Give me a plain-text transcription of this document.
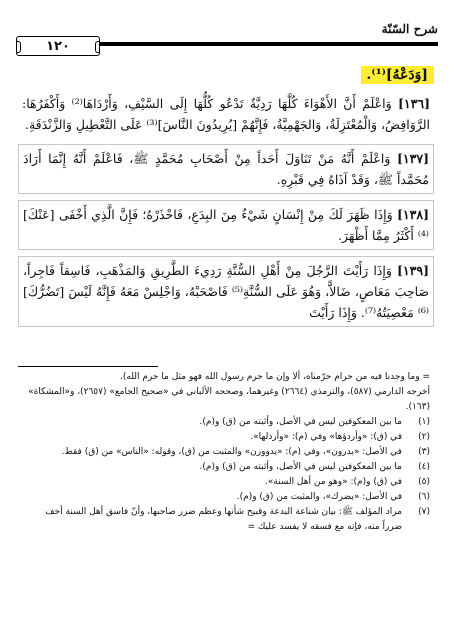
شرح السّنّة
١٢٠
[وَدَعْهُ]⁽¹⁾.

[١٣٦] وَاعْلَمْ أَنَّ الأَهْوَاءَ كُلَّهَا رَدِيَّةٌ تَدْعُو كُلُّهَا إِلَى السَّيْفِ، وَأَرْدَاهَا⁽²⁾ وَأَكْفَرُهَا: الرَّوَافِضُ، وَالْمُعْتَزِلَةُ، وَالجَهْمِيَّةُ، فَإِنَّهُمْ [يُرِيدُونَ النَّاسَ]⁽³⁾ عَلَى التَّعْطِيلِ وَالزَّنْدَقَةِ.

[١٣٧] وَاعْلَمْ أَنَّهُ مَنْ تَنَاوَلَ أَحَداً مِنْ أَصْحَابِ مُحَمَّدٍ ﷺ، فَاعْلَمْ أَنَّهُ إِنَّمَا أَرَادَ مُحَمَّداً ﷺ، وَقَدْ آذَاهُ فِي قَبْرِهِ.

[١٣٨] وَإِذَا ظَهَرَ لَكَ مِنْ إِنْسَانٍ شَيْءٌ مِنَ البِدَعِ، فَاحْذَرْهُ؛ فَإِنَّ الَّذِي أَخْفَى [عَنْكَ]⁽⁴⁾ أَكْثَرُ مِمَّا أَظْهَرَ.

[١٣٩] وَإِذَا رَأَيْتَ الرَّجُلَ مِنْ أَهْلِ السُّنَّةِ رَدِيءَ الطَّرِيقِ وَالمَذْهَبِ، فَاسِقاً فَاجِراً، صَاحِبَ مَعَاصٍ، ضَالاًّ، وَهُوَ عَلَى السُّنَّةِ⁽⁵⁾ فَاصْحَبْهُ، وَاجْلِسْ مَعَهُ فَإِنَّهُ لَيْسَ [تَضُرُّكَ]⁽⁶⁾ مَعْصِيَتُهُ⁽⁷⁾. وَإِذَا رَأَيْتَ

= وما وجدنا فيه من حرام حرّمناه، ألا وإن ما حرم رسول الله فهو مثل ما حرم الله).

أخرجه الدارمي (٥٨٧)، والترمذي (٢٦٦٤) وغيرهما، وصححه الألباني في «صحيح الجامع» (٢٦٥٧)، و«المشكاة» (١٦٣).

(١)
ما بين المعكوفين ليس في الأصل، وأثبته من (ق) و(م).
(٢)
في (ق): «وأردؤها» وفي (م): «وأرذلها».
(٣)
في الأصل: «يدرون»، وفي (م): «يدوورن» والمثبت من (ق)، وقوله: «الناس» من (ق) فقط.
(٤)
ما بين المعكوفين ليس في الأصل، وأثبته من (ق) و(م).
(٥)
في (ق) و(م): «وهو من أهل السنة».
(٦)
في الأصل: «يضرك»، والمثبت من (ق) و(م).
(٧)
مراد المؤلف ﷺ: بيان شناعة البدعة وقبيح شأنها وعظم ضرر صاحبها، وأنّ فاسق أهل السنة أخف ضرراً منه، فإنه مع فسقه لا يفسد عليك =
